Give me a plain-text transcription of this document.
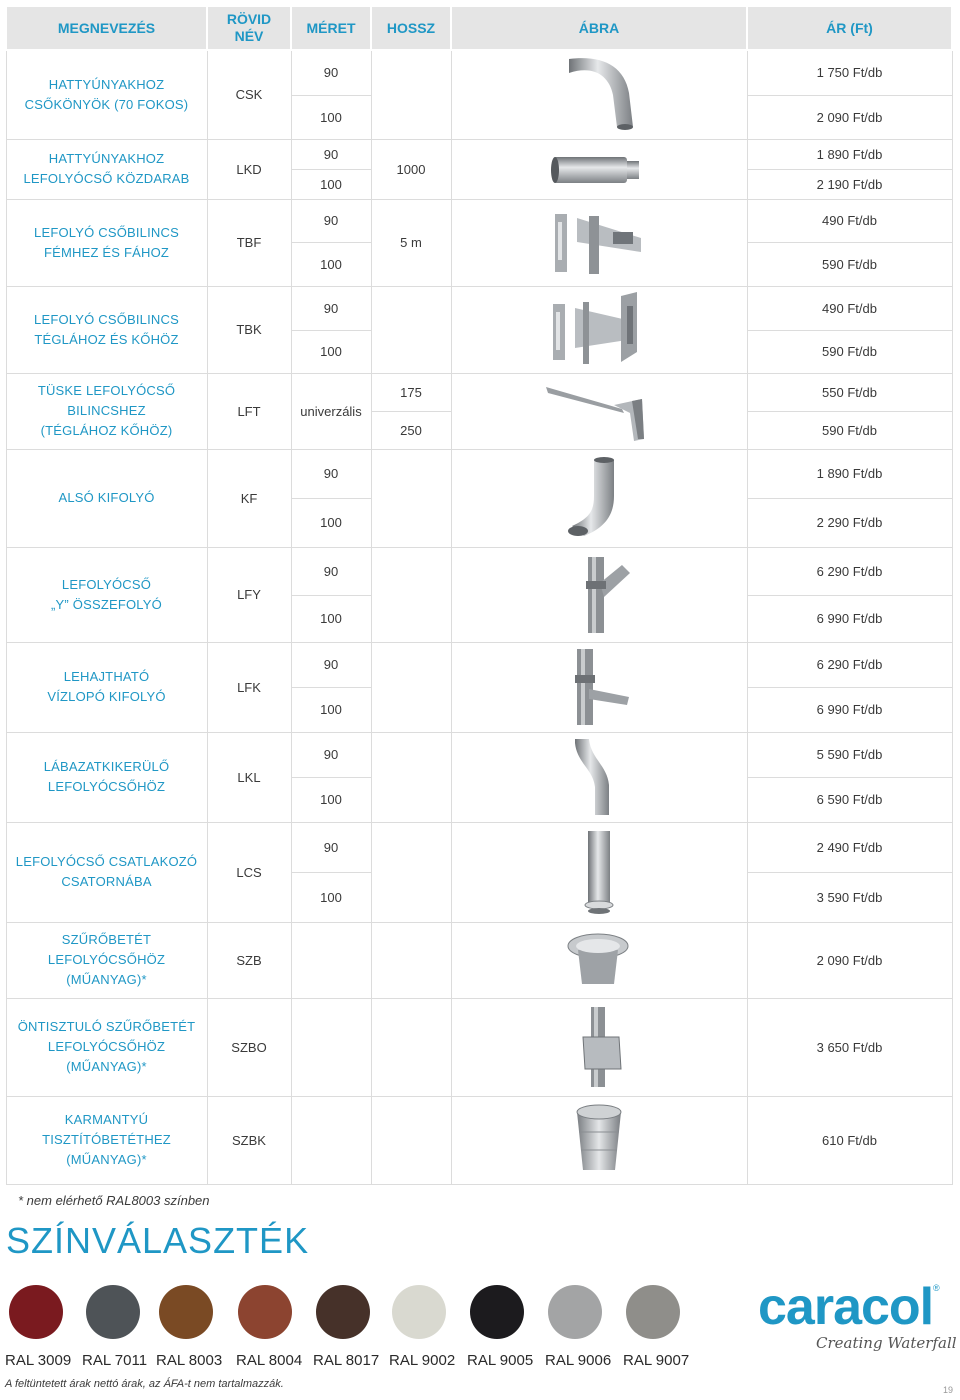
MEGNEVEZÉS	RÖVID NÉV	MÉRET	HOSSZ	ÁBRA	ÁR (Ft)

HATTYÚNYAKHOZ
CSŐKÖNYÖK (70 FOKOS)	CSK	90			1 750 Ft/db
		100			2 090 Ft/db

HATTYÚNYAKHOZ
LEFOLYÓCSŐ KÖZDARAB	LKD	90	1000		1 890 Ft/db
		100			2 190 Ft/db

LEFOLYÓ CSŐBILINCS
FÉMHEZ ÉS FÁHOZ	TBF	90	5 m		490 Ft/db
		100			590 Ft/db

LEFOLYÓ CSŐBILINCS
TÉGLÁHOZ ÉS KŐHÖZ	TBK	90			490 Ft/db
		100			590 Ft/db

TÜSKE LEFOLYÓCSŐ
BILINCSHEZ
(TÉGLÁHOZ KŐHÖZ)	LFT	univerzális	175		550 Ft/db
			250		590 Ft/db

ALSÓ KIFOLYÓ	KF	90			1 890 Ft/db
		100			2 290 Ft/db

LEFOLYÓCSŐ
„Y” ÖSSZEFOLYÓ	LFY	90			6 290 Ft/db
		100			6 990 Ft/db

LEHAJTHATÓ
VÍZLOPÓ KIFOLYÓ	LFK	90			6 290 Ft/db
		100			6 990 Ft/db

LÁBAZATKIKERÜLŐ
LEFOLYÓCSŐHÖZ	LKL	90			5 590 Ft/db
		100			6 590 Ft/db

LEFOLYÓCSŐ CSATLAKOZÓ
CSATORNÁBA	LCS	90			2 490 Ft/db
		100			3 590 Ft/db

SZŰRŐBETÉT
LEFOLYÓCSŐHÖZ
(MŰANYAG)*	SZB				2 090 Ft/db

ÖNTISZTULÓ SZŰRŐBETÉT
LEFOLYÓCSŐHÖZ
(MŰANYAG)*	SZBO				3 650 Ft/db

KARMANTYÚ
TISZTÍTÓBETÉTHEZ
(MŰANYAG)*	SZBK				610 Ft/db
* nem elérhető RAL8003 színben
SZÍNVÁLASZTÉK
RAL 3009 RAL 7011 RAL 8003 RAL 8004 RAL 8017 RAL 9002 RAL 9005 RAL 9006 RAL 9007
A feltüntetett árak nettó árak, az ÁFA-t nem tartalmazzák.
caracol ®
Creating Waterfall
19
